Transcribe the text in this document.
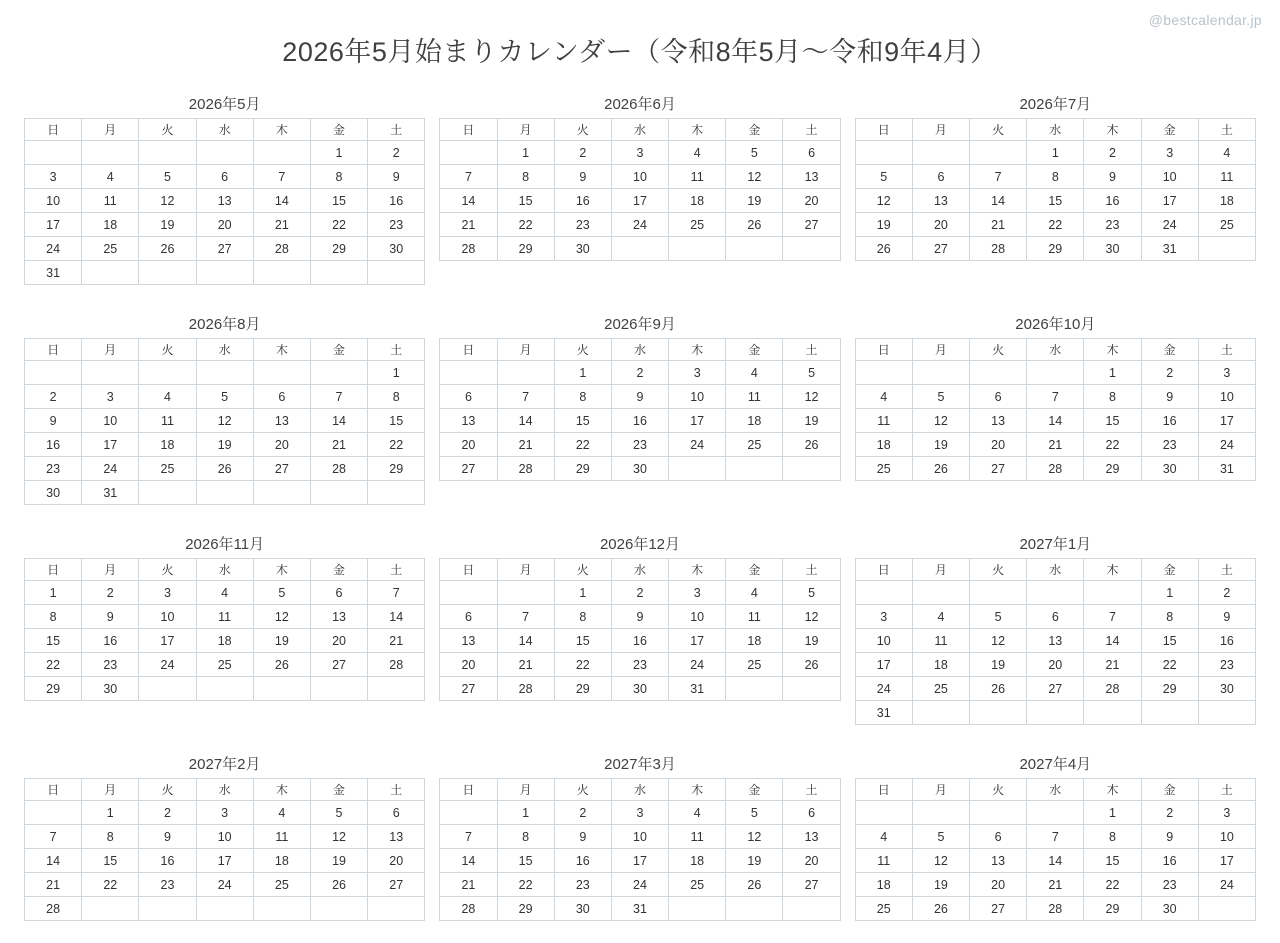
@bestcalendar.jp
2026年5月始まりカレンダー（令和8年5月〜令和9年4月）
2026年5月
日	月	火	水	木	金	土
					1	2
3	4	5	6	7	8	9
10	11	12	13	14	15	16
17	18	19	20	21	22	23
24	25	26	27	28	29	30
31						
2026年6月
日	月	火	水	木	金	土
	1	2	3	4	5	6
7	8	9	10	11	12	13
14	15	16	17	18	19	20
21	22	23	24	25	26	27
28	29	30				
2026年7月
日	月	火	水	木	金	土
			1	2	3	4
5	6	7	8	9	10	11
12	13	14	15	16	17	18
19	20	21	22	23	24	25
26	27	28	29	30	31	
2026年8月
日	月	火	水	木	金	土
						1
2	3	4	5	6	7	8
9	10	11	12	13	14	15
16	17	18	19	20	21	22
23	24	25	26	27	28	29
30	31					
2026年9月
日	月	火	水	木	金	土
		1	2	3	4	5
6	7	8	9	10	11	12
13	14	15	16	17	18	19
20	21	22	23	24	25	26
27	28	29	30			
2026年10月
日	月	火	水	木	金	土
				1	2	3
4	5	6	7	8	9	10
11	12	13	14	15	16	17
18	19	20	21	22	23	24
25	26	27	28	29	30	31
2026年11月
日	月	火	水	木	金	土
1	2	3	4	5	6	7
8	9	10	11	12	13	14
15	16	17	18	19	20	21
22	23	24	25	26	27	28
29	30					
2026年12月
日	月	火	水	木	金	土
		1	2	3	4	5
6	7	8	9	10	11	12
13	14	15	16	17	18	19
20	21	22	23	24	25	26
27	28	29	30	31		
2027年1月
日	月	火	水	木	金	土
					1	2
3	4	5	6	7	8	9
10	11	12	13	14	15	16
17	18	19	20	21	22	23
24	25	26	27	28	29	30
31						
2027年2月
日	月	火	水	木	金	土
	1	2	3	4	5	6
7	8	9	10	11	12	13
14	15	16	17	18	19	20
21	22	23	24	25	26	27
28						
2027年3月
日	月	火	水	木	金	土
	1	2	3	4	5	6
7	8	9	10	11	12	13
14	15	16	17	18	19	20
21	22	23	24	25	26	27
28	29	30	31			
2027年4月
日	月	火	水	木	金	土
				1	2	3
4	5	6	7	8	9	10
11	12	13	14	15	16	17
18	19	20	21	22	23	24
25	26	27	28	29	30	
